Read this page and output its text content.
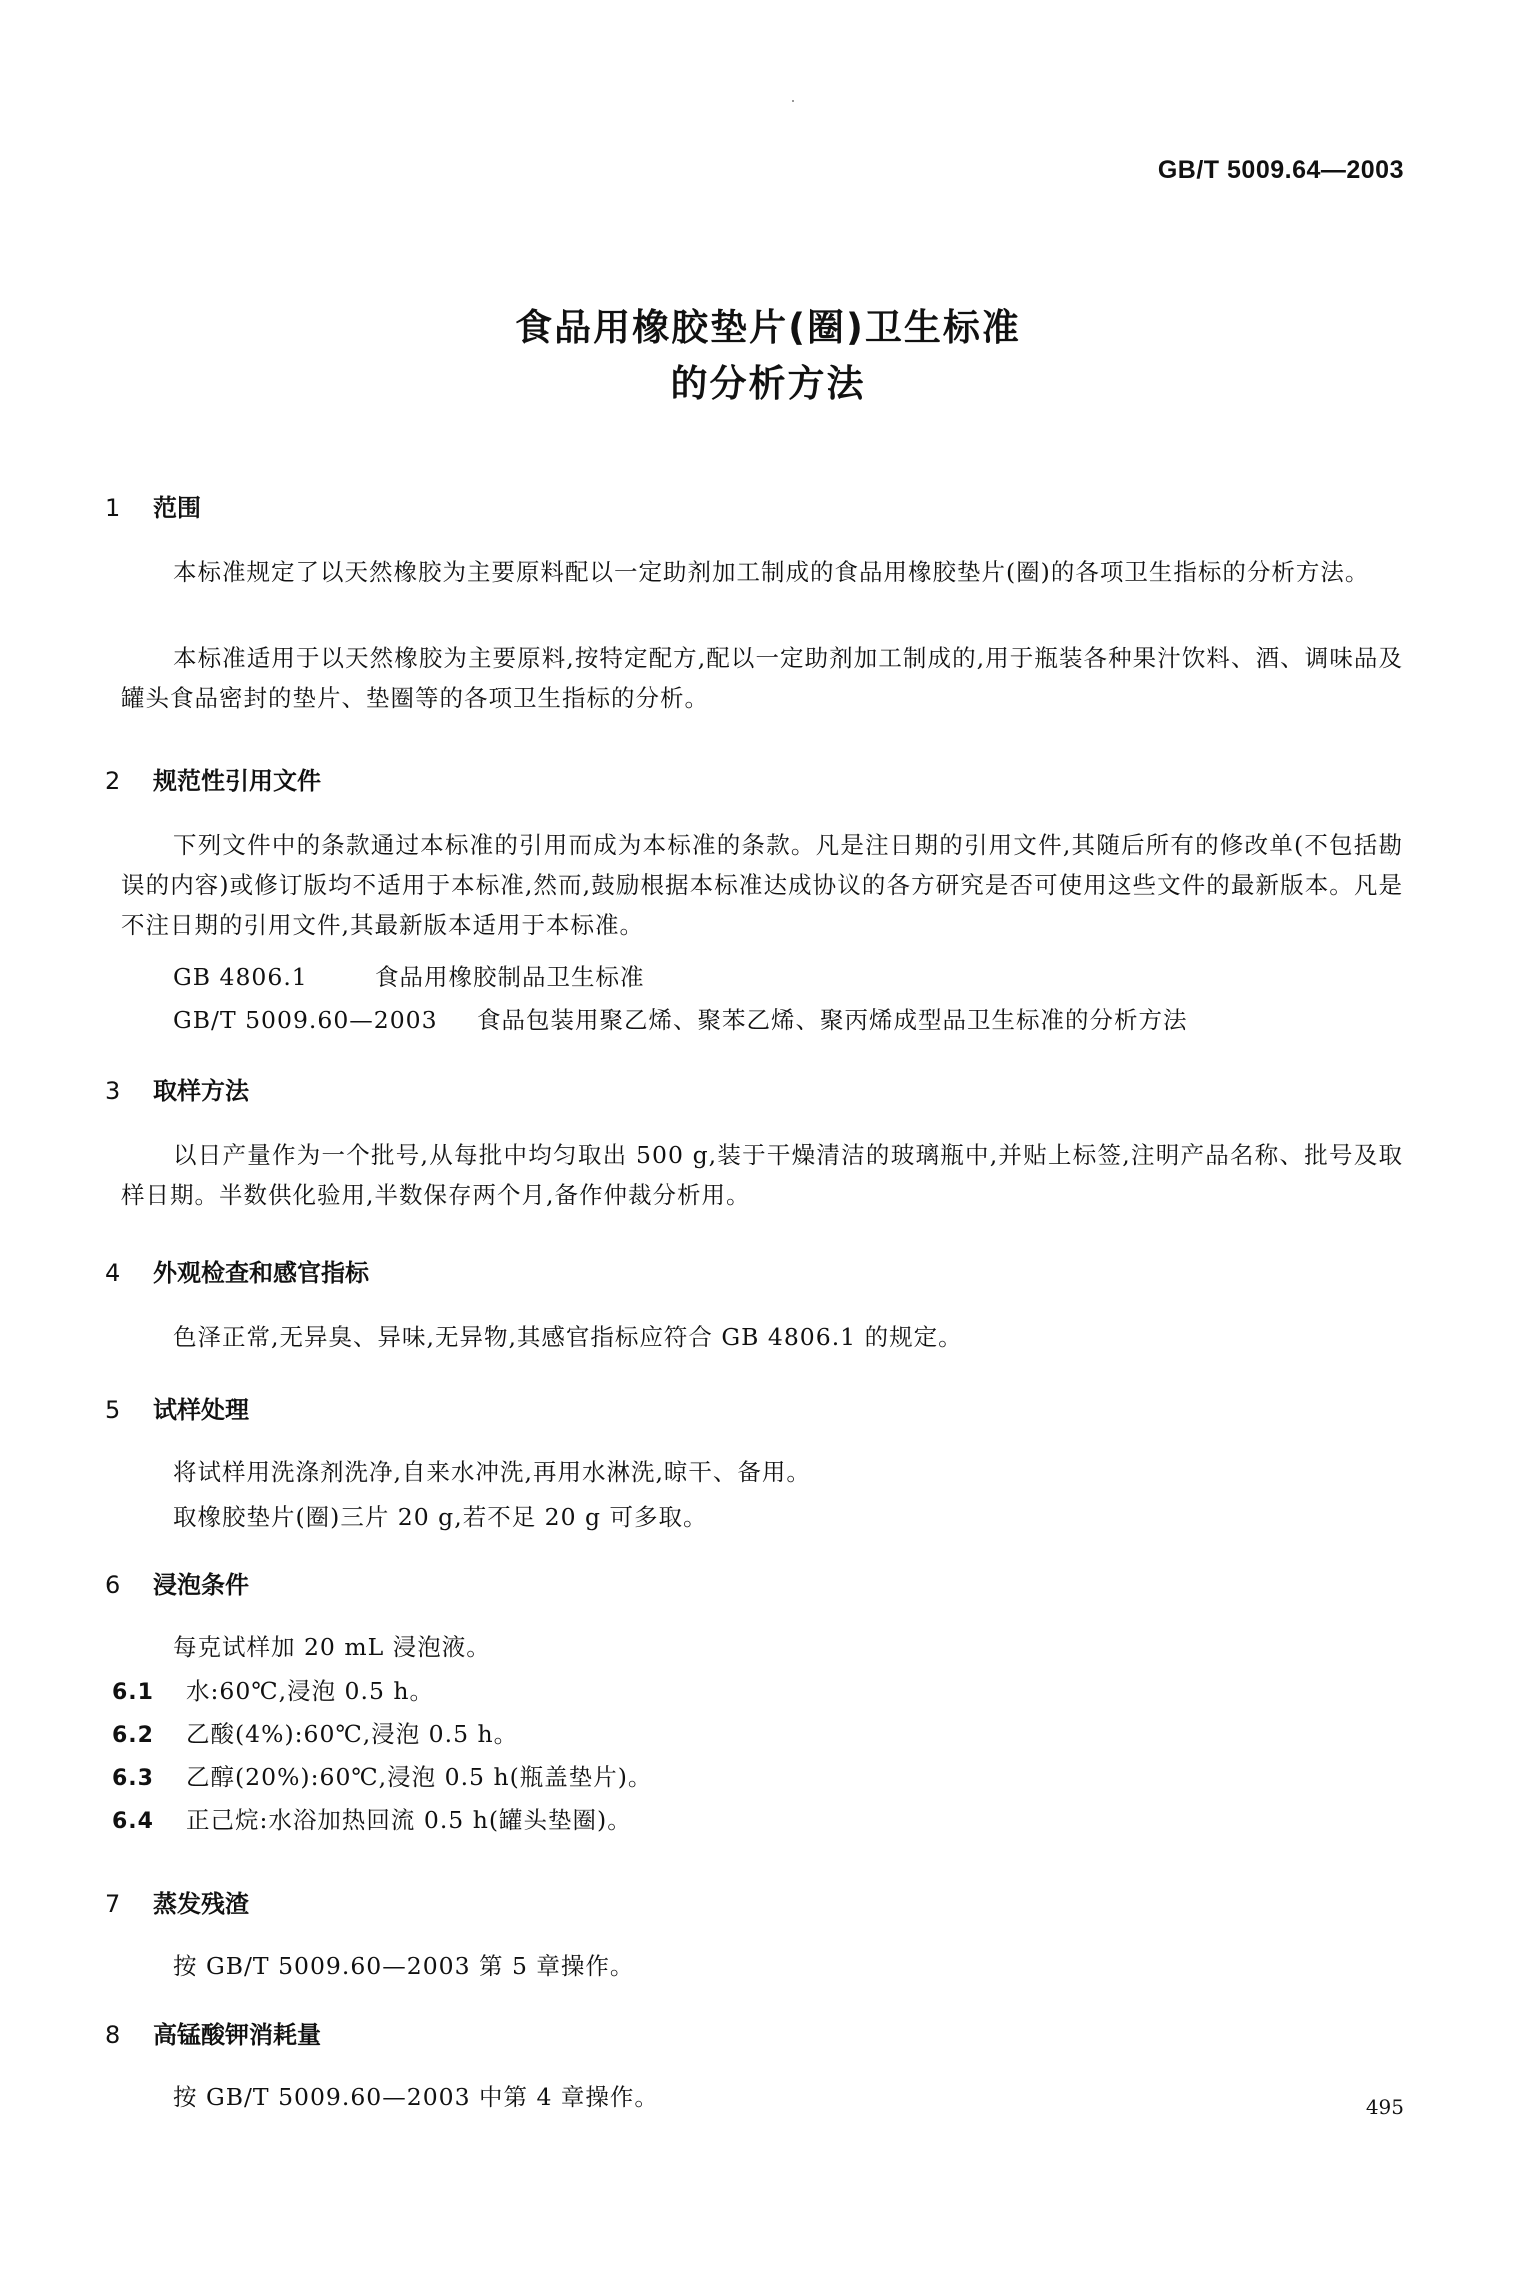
GB/T 5009.64—2003
食品用橡胶垫片(圈)卫生标准
的分析方法
1 范围
本标准规定了以天然橡胶为主要原料配以一定助剂加工制成的食品用橡胶垫片(圈)的各项卫生指标的分析方法。
本标准适用于以天然橡胶为主要原料,按特定配方,配以一定助剂加工制成的,用于瓶装各种果汁饮料、酒、调味品及罐头食品密封的垫片、垫圈等的各项卫生指标的分析。
2 规范性引用文件
下列文件中的条款通过本标准的引用而成为本标准的条款。凡是注日期的引用文件,其随后所有的修改单(不包括勘误的内容)或修订版均不适用于本标准,然而,鼓励根据本标准达成协议的各方研究是否可使用这些文件的最新版本。凡是不注日期的引用文件,其最新版本适用于本标准。
GB 4806.1	食品用橡胶制品卫生标准
GB/T 5009.60—2003 食品包装用聚乙烯、聚苯乙烯、聚丙烯成型品卫生标准的分析方法
3 取样方法
以日产量作为一个批号,从每批中均匀取出 500 g,装于干燥清洁的玻璃瓶中,并贴上标签,注明产品名称、批号及取样日期。半数供化验用,半数保存两个月,备作仲裁分析用。
4 外观检查和感官指标
色泽正常,无异臭、异味,无异物,其感官指标应符合 GB 4806.1 的规定。
5 试样处理
将试样用洗涤剂洗净,自来水冲洗,再用水淋洗,晾干、备用。
取橡胶垫片(圈)三片 20 g,若不足 20 g 可多取。
6 浸泡条件
每克试样加 20 mL 浸泡液。
6.1 水:60℃,浸泡 0.5 h。
6.2 乙酸(4%):60℃,浸泡 0.5 h。
6.3 乙醇(20%):60℃,浸泡 0.5 h(瓶盖垫片)。
6.4 正己烷:水浴加热回流 0.5 h(罐头垫圈)。
7 蒸发残渣
按 GB/T 5009.60—2003 第 5 章操作。
8 高锰酸钾消耗量
按 GB/T 5009.60—2003 中第 4 章操作。	495
